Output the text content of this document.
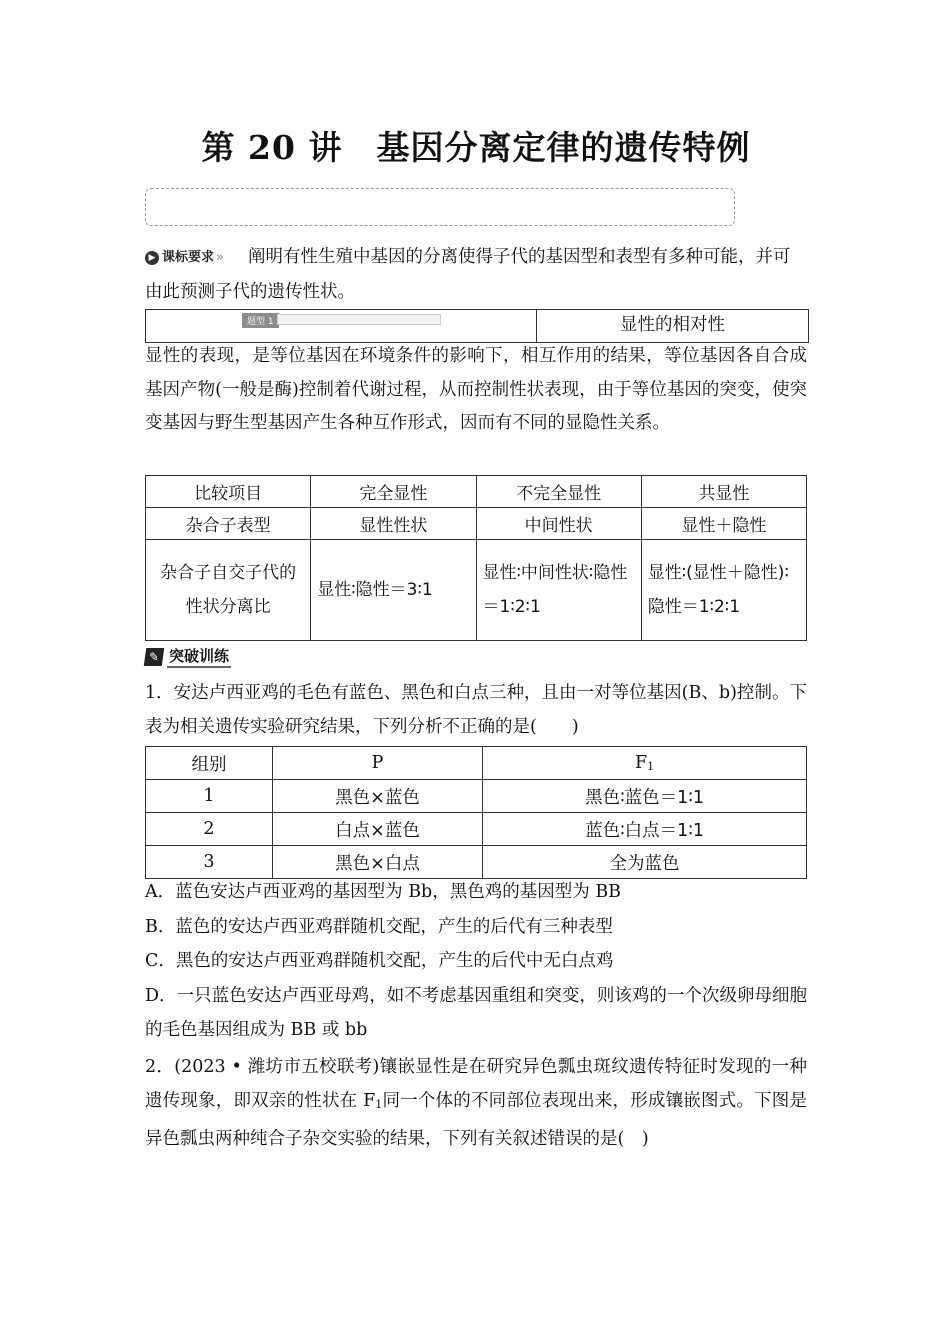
第 20 讲 基因分离定律的遗传特例
▶ 课标要求 » 阐明有性生殖中基因的分离使得子代的基因型和表型有多种可能，并可由此预测子代的遗传性状。
题型 1	显性的相对性
显性的表现，是等位基因在环境条件的影响下，相互作用的结果，等位基因各自合成基因产物(一般是酶)控制着代谢过程，从而控制性状表现，由于等位基因的突变，使突变基因与野生型基因产生各种互作形式，因而有不同的显隐性关系。
比较项目	完全显性	不完全显性	共显性
杂合子表型	显性性状	中间性状	显性＋隐性
杂合子自交子代的性状分离比	显性∶隐性＝3∶1	显性∶中间性状∶隐性＝1∶2∶1	显性∶(显性＋隐性)∶隐性＝1∶2∶1
✎ 突破训练
1．安达卢西亚鸡的毛色有蓝色、黑色和白点三种，且由一对等位基因(B、b)控制。下表为相关遗传实验研究结果，下列分析不正确的是(　　)
组别	P	$F_1$
1	黑色×蓝色	黑色∶蓝色＝1∶1
2	白点×蓝色	蓝色∶白点＝1∶1
3	黑色×白点	全为蓝色
A．蓝色安达卢西亚鸡的基因型为 Bb，黑色鸡的基因型为 BB
B．蓝色的安达卢西亚鸡群随机交配，产生的后代有三种表型
C．黑色的安达卢西亚鸡群随机交配，产生的后代中无白点鸡
D．一只蓝色安达卢西亚母鸡，如不考虑基因重组和突变，则该鸡的一个次级卵母细胞的毛色基因组成为 BB 或 bb
2．(2023 • 潍坊市五校联考)镶嵌显性是在研究异色瓢虫斑纹遗传特征时发现的一种遗传现象，即双亲的性状在 $F_1$同一个体的不同部位表现出来，形成镶嵌图式。下图是异色瓢虫两种纯合子杂交实验的结果，下列有关叙述错误的是(　)
